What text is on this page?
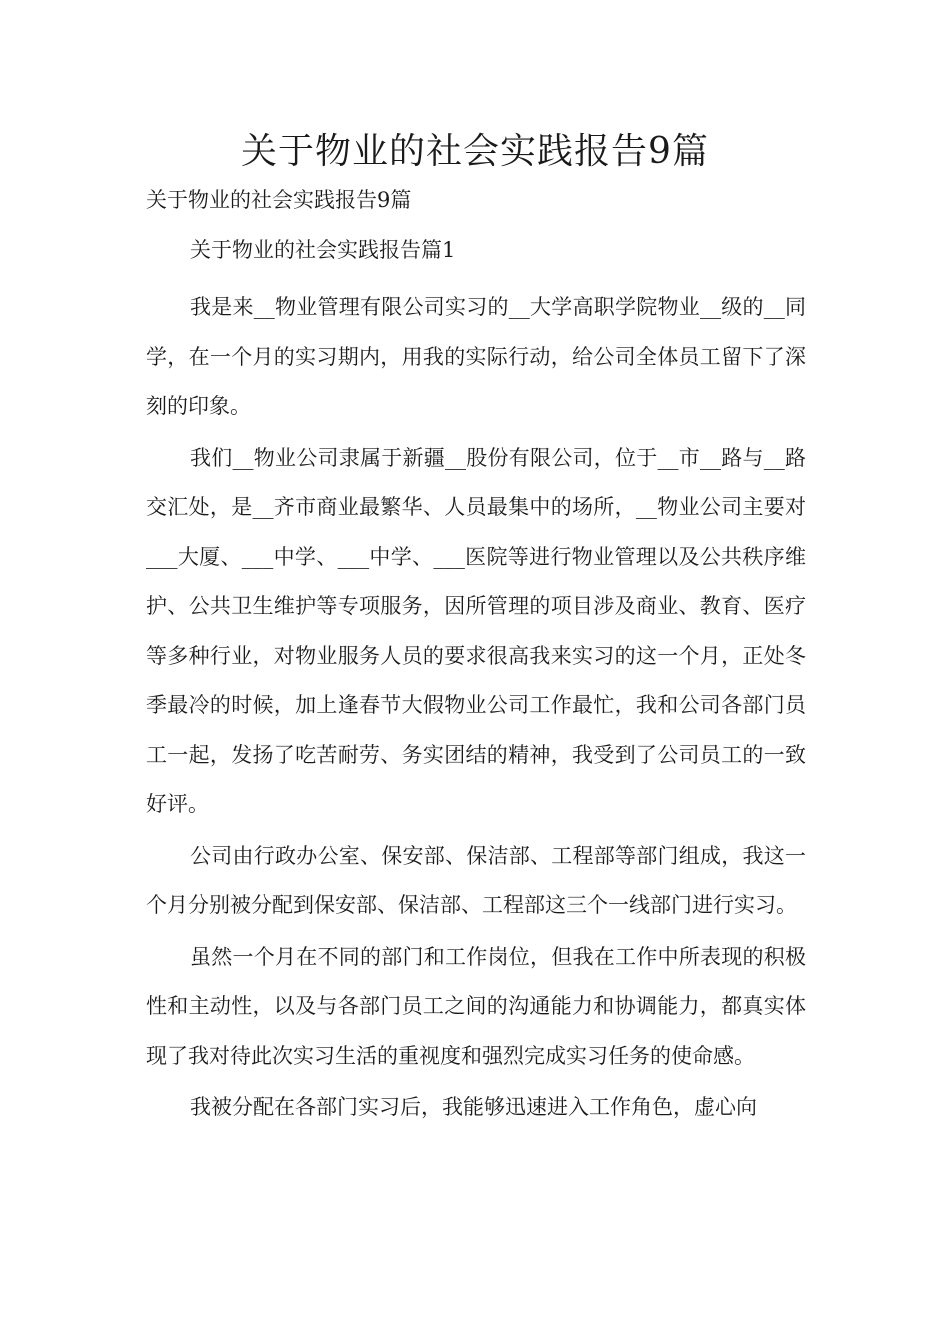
关于物业的社会实践报告9篇

关于物业的社会实践报告9篇

关于物业的社会实践报告篇1

我是来__物业管理有限公司实习的__大学高职学院物业__级的__同学，在一个月的实习期内，用我的实际行动，给公司全体员工留下了深刻的印象。

我们__物业公司隶属于新疆__股份有限公司，位于__市__路与__路交汇处，是__齐市商业最繁华、人员最集中的场所，__物业公司主要对___大厦、___中学、___中学、___医院等进行物业管理以及公共秩序维护、公共卫生维护等专项服务，因所管理的项目涉及商业、教育、医疗等多种行业，对物业服务人员的要求很高我来实习的这一个月，正处冬季最冷的时候，加上逢春节大假物业公司工作最忙，我和公司各部门员工一起，发扬了吃苦耐劳、务实团结的精神，我受到了公司员工的一致好评。

公司由行政办公室、保安部、保洁部、工程部等部门组成，我这一个月分别被分配到保安部、保洁部、工程部这三个一线部门进行实习。

虽然一个月在不同的部门和工作岗位，但我在工作中所表现的积极性和主动性，以及与各部门员工之间的沟通能力和协调能力，都真实体现了我对待此次实习生活的重视度和强烈完成实习任务的使命感。

我被分配在各部门实习后，我能够迅速进入工作角色，虚心向
